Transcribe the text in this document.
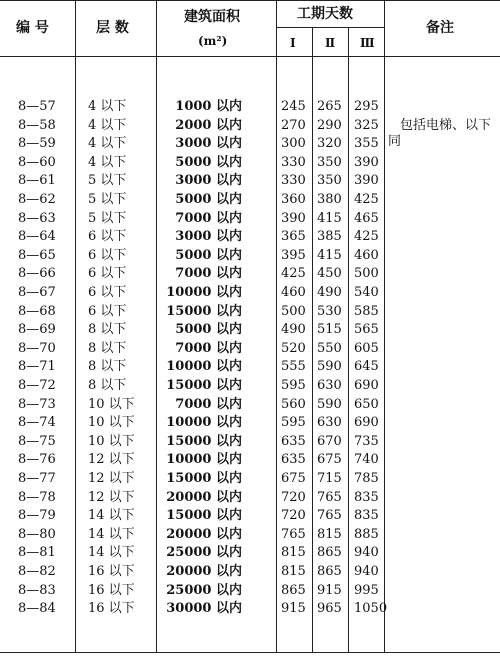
编 号	层 数
建筑面积
(m²)
工期天数
Ⅰ Ⅱ Ⅲ
备注
包括电梯、以下同
8—57 4 以下	1000 以内	245 265 295
8—58 4 以下	2000 以内	270 290 325
8—59 4 以下	3000 以内	300 320 355
8—60 4 以下	5000 以内	330 350 390
8—61 5 以下	3000 以内	330 350 390
8—62 5 以下	5000 以内	360 380 425
8—63 5 以下	7000 以内	390 415 465
8—64 6 以下	3000 以内	365 385 425
8—65 6 以下	5000 以内	395 415 460
8—66 6 以下	7000 以内	425 450 500
8—67 6 以下	10000 以内	460 490 540
8—68 6 以下	15000 以内	500 530 585
8—69 8 以下	5000 以内	490 515 565
8—70 8 以下	7000 以内	520 550 605
8—71 8 以下	10000 以内	555 590 645
8—72 8 以下	15000 以内	595 630 690
8—73 10 以下	7000 以内	560 590 650
8—74 10 以下 10000 以内	595 630 690
8—75 10 以下 15000 以内	635 670 735
8—76 12 以下 10000 以内	635 675 740
8—77 12 以下 15000 以内	675 715 785
8—78 12 以下 20000 以内	720 765 835
8—79 14 以下 15000 以内	720 765 835
8—80 14 以下 20000 以内	765 815 885
8—81 14 以下 25000 以内	815 865 940
8—82 16 以下 20000 以内	815 865 940
8—83 16 以下 25000 以内	865 915 995
8—84 16 以下 30000 以内	915 965 1050
